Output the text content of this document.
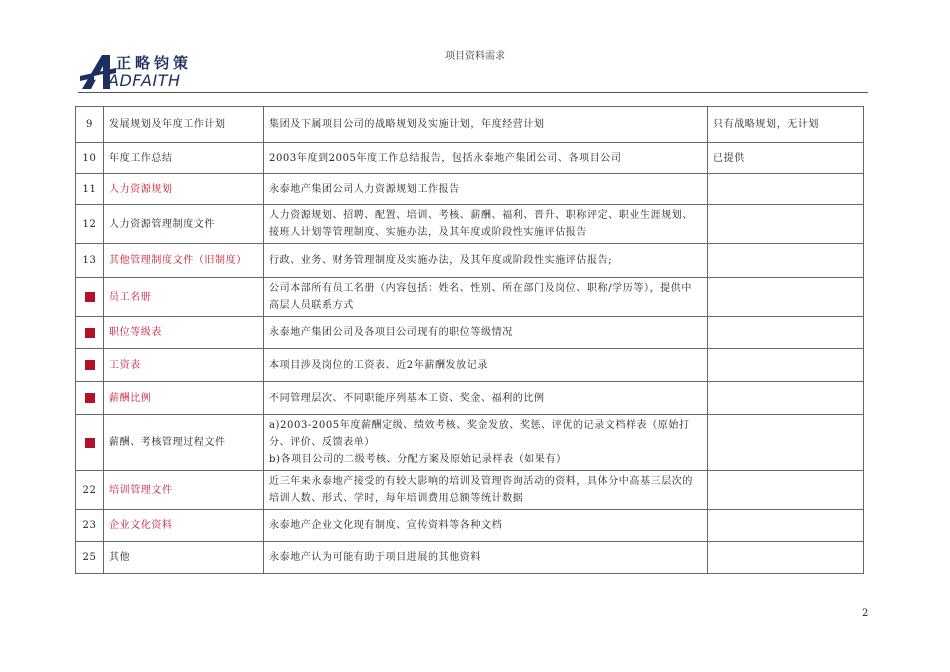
项目资料需求
正略钧策
ADFAITH
9	发展规划及年度工作计划	集团及下属项目公司的战略规划及实施计划，年度经营计划	只有战略规划，无计划
10	年度工作总结	2003年度到2005年度工作总结报告，包括永泰地产集团公司、各项目公司	已提供
11	人力资源规划	永泰地产集团公司人力资源规划工作报告	
12	人力资源管理制度文件	人力资源规划、招聘、配置、培训、考核、薪酬、福利、晋升、职称评定、职业生涯规划、接班人计划等管理制度、实施办法，及其年度或阶段性实施评估报告	
13	其他管理制度文件（旧制度）	行政、业务、财务管理制度及实施办法，及其年度或阶段性实施评估报告;	
	员工名册	公司本部所有员工名册（内容包括：姓名、性别、所在部门及岗位、职称/学历等），提供中高层人员联系方式	
	职位等级表	永泰地产集团公司及各项目公司现有的职位等级情况	
	工资表	本项目涉及岗位的工资表、近2年薪酬发放记录	
	薪酬比例	不同管理层次、不同职能序列基本工资、奖金、福利的比例	
	薪酬、考核管理过程文件	a)2003-2005年度薪酬定级、绩效考核、奖金发放、奖惩、评优的记录文档样表（原始打分、评价、反馈表单）
b)各项目公司的二级考核、分配方案及原始记录样表（如果有）	

22	培训管理文件	近三年来永泰地产接受的有较大影响的培训及管理咨询活动的资料，具体分中高基三层次的培训人数、形式、学时，每年培训费用总额等统计数据	
23	企业文化资料	永泰地产企业文化现有制度、宣传资料等各种文档	
25	其他	永泰地产认为可能有助于项目进展的其他资料	
2
